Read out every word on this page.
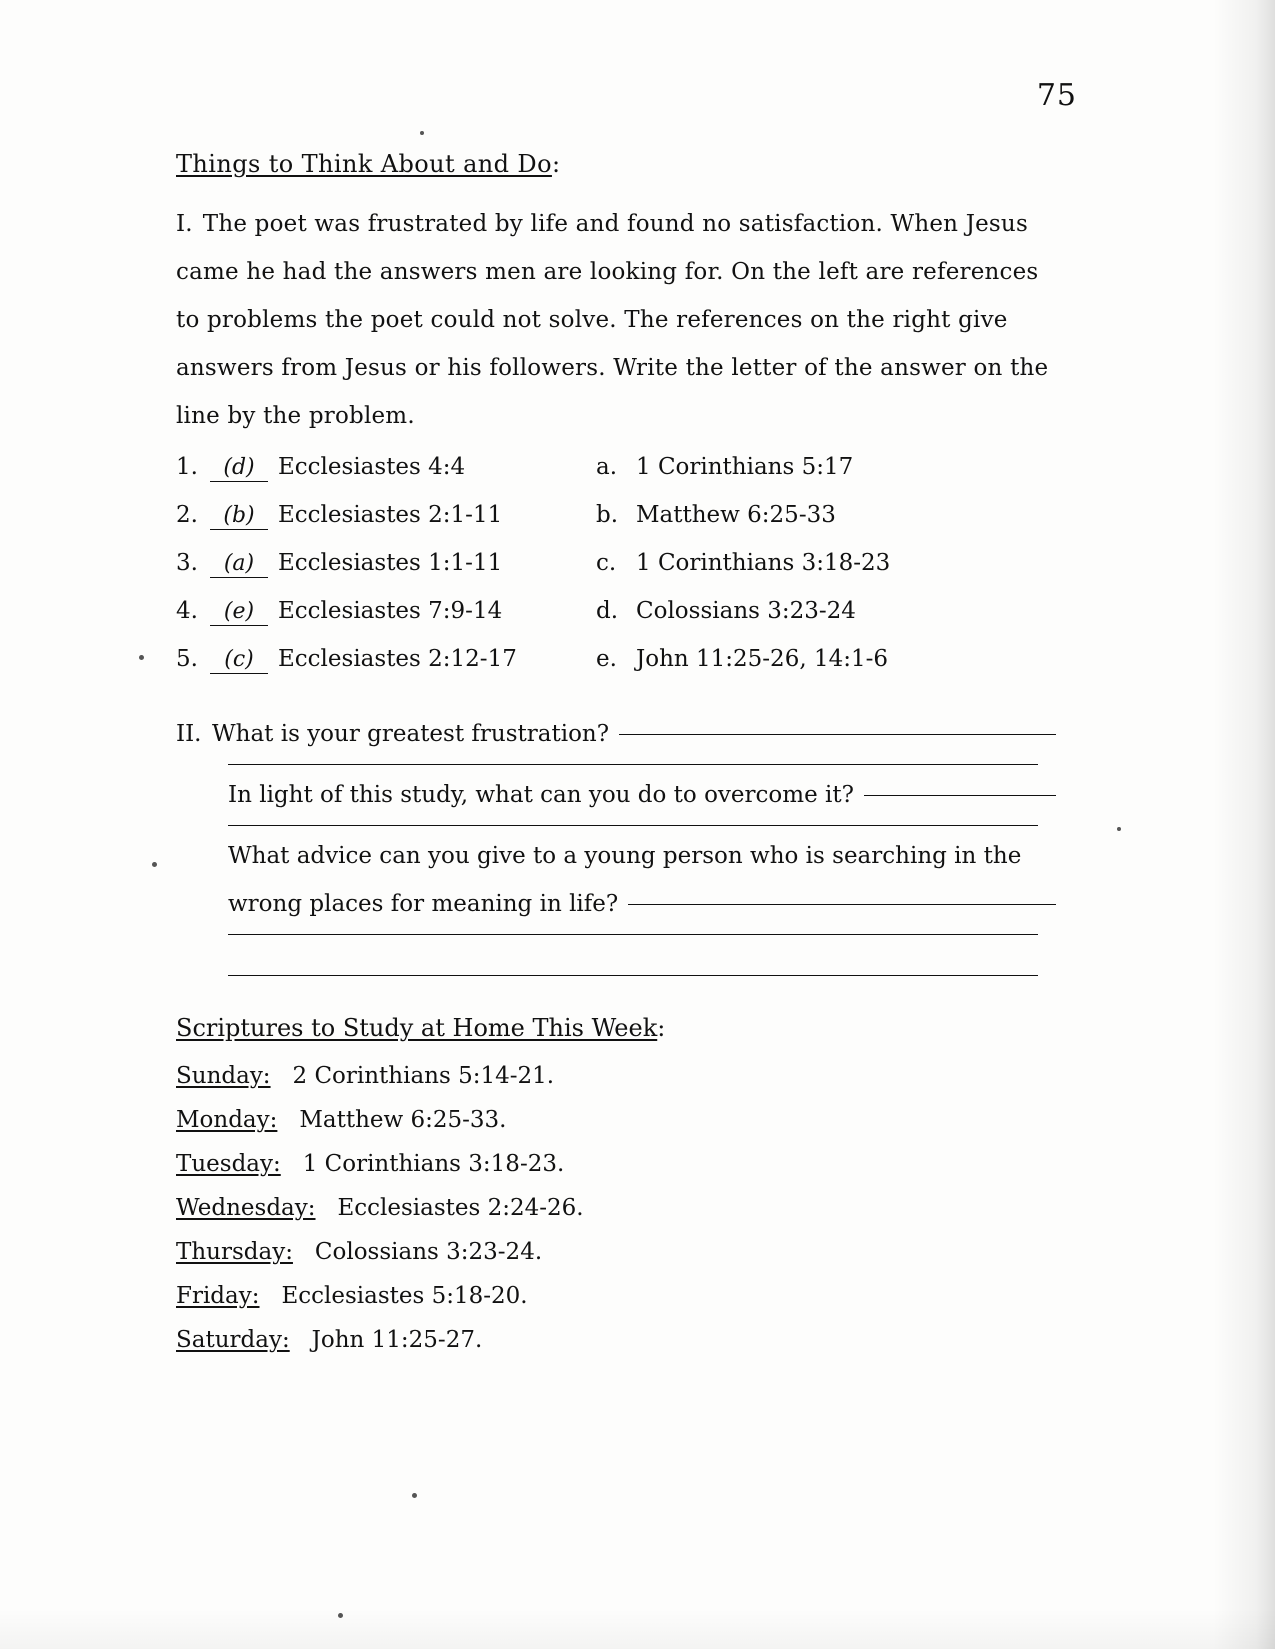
75
Things to Think About and Do:
I. The poet was frustrated by life and found no satisfaction. When Jesus came he had the answers men are looking for. On the left are references to problems the poet could not solve. The references on the right give answers from Jesus or his followers. Write the letter of the answer on the line by the problem.
1.	(d)	Ecclesiastes 4:4	a. 1 Corinthians 5:17
2.	(b)	Ecclesiastes 2:1-11	b. Matthew 6:25-33
3.	(a)	Ecclesiastes 1:1-11	c. 1 Corinthians 3:18-23
4.	(e)	Ecclesiastes 7:9-14	d. Colossians 3:23-24
5.	(c)	Ecclesiastes 2:12-17	e. John 11:25-26, 14:1-6
II. What is your greatest frustration?
In light of this study, what can you do to overcome it?
What advice can you give to a young person who is searching in the
wrong places for meaning in life?
Scriptures to Study at Home This Week:
Sunday: 2 Corinthians 5:14-21.
Monday: Matthew 6:25-33.
Tuesday: 1 Corinthians 3:18-23.
Wednesday: Ecclesiastes 2:24-26.
Thursday: Colossians 3:23-24.
Friday: Ecclesiastes 5:18-20.
Saturday: John 11:25-27.
